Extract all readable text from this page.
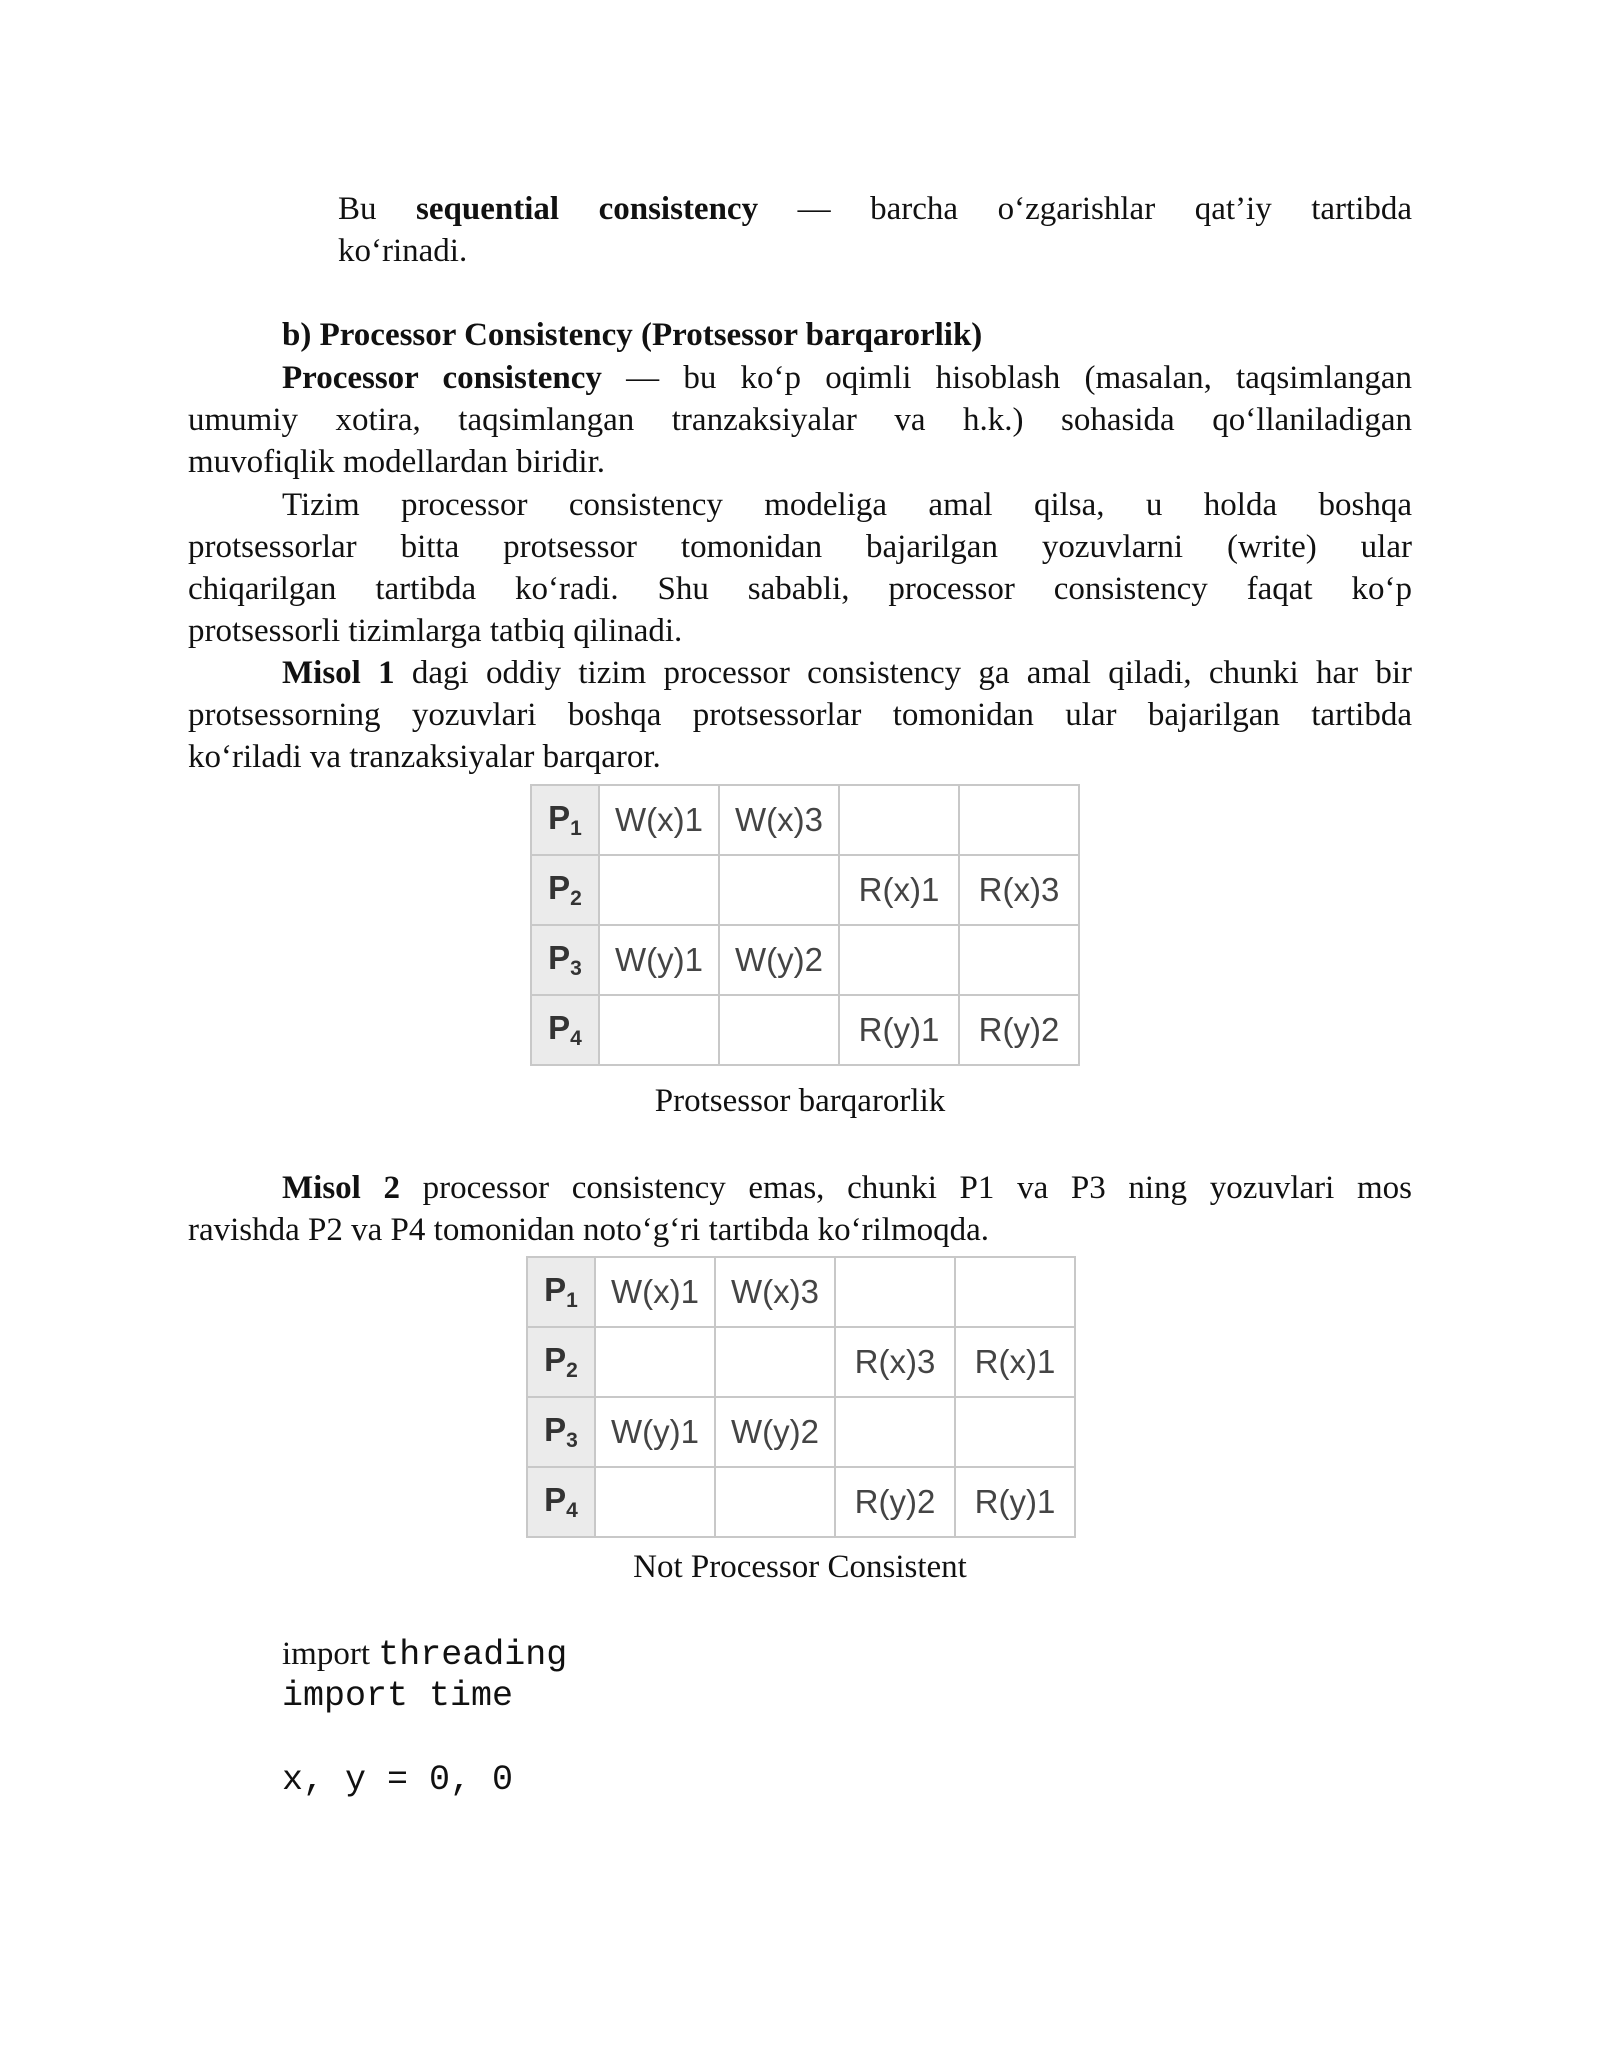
Bu sequential consistency — barcha o‘zgarishlar qat’iy tartibda
ko‘rinadi.
b) Processor Consistency (Protsessor barqarorlik)
Processor consistency — bu ko‘p oqimli hisoblash (masalan, taqsimlangan
umumiy xotira, taqsimlangan tranzaksiyalar va h.k.) sohasida qo‘llaniladigan
muvofiqlik modellardan biridir.
Tizim processor consistency modeliga amal qilsa, u holda boshqa
protsessorlar bitta protsessor tomonidan bajarilgan yozuvlarni (write) ular
chiqarilgan tartibda ko‘radi. Shu sababli, processor consistency faqat ko‘p
protsessorli tizimlarga tatbiq qilinadi.
Misol 1 dagi oddiy tizim processor consistency ga amal qiladi, chunki har bir
protsessorning yozuvlari boshqa protsessorlar tomonidan ular bajarilgan tartibda
ko‘riladi va tranzaksiyalar barqaror.
$P_1$	W(x)1	W(x)3		
$P_2$			R(x)1	R(x)3
$P_3$	W(y)1	W(y)2		
$P_4$			R(y)1	R(y)2
Protsessor barqarorlik
Misol 2 processor consistency emas, chunki P1 va P3 ning yozuvlari mos
ravishda P2 va P4 tomonidan noto‘g‘ri tartibda ko‘rilmoqda.
$P_1$	W(x)1	W(x)3		
$P_2$			R(x)3	R(x)1
$P_3$	W(y)1	W(y)2		
$P_4$			R(y)2	R(y)1
Not Processor Consistent
import threading
import time
x, y = 0, 0
